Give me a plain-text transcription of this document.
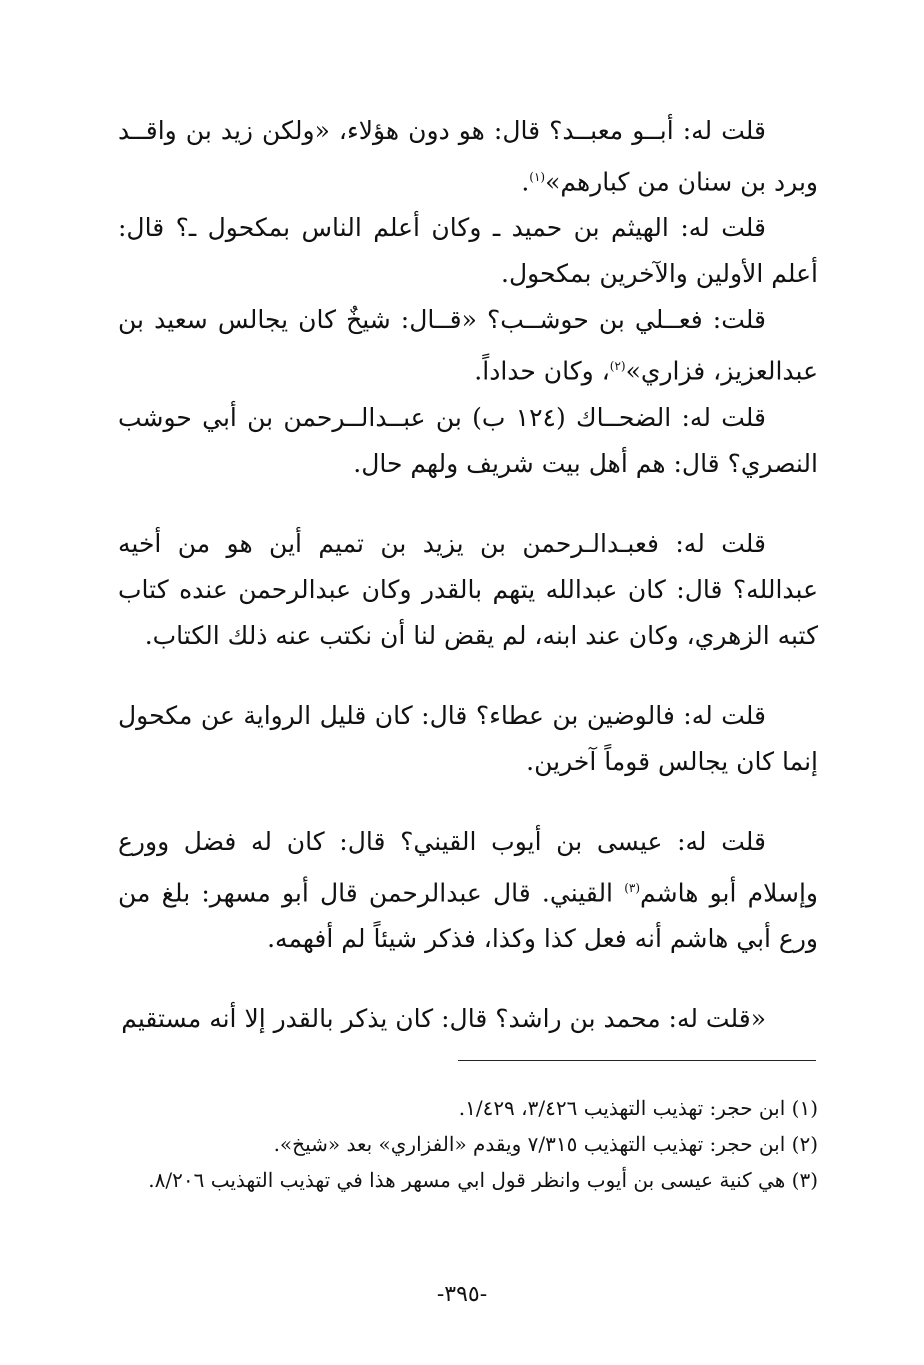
قلت له: أبــو معبــد؟ قال: هو دون هؤلاء، «ولكن زيد بن واقــد وبرد بن سنان من كبارهم»$^{(١)}$.

قلت له: الهيثم بن حميد ـ وكان أعلم الناس بمكحول ـ؟ قال: أعلم الأولين والآخرين بمكحول.

قلت: فعــلي بن حوشــب؟ «قــال: شيخٌ كان يجالس سعيد بن عبدالعزيز، فزاري»$^{(٢)}$، وكان حداداً.

قلت له: الضحــاك (١٢٤ ب) بن عبــدالــرحمن بن أبي حوشب النصري؟ قال: هم أهل بيت شريف ولهم حال.

قلت له: فعبـدالـرحمن بن يزيد بن تميم أين هو من أخيه عبدالله؟ قال: كان عبدالله يتهم بالقدر وكان عبدالرحمن عنده كتاب كتبه الزهري، وكان عند ابنه، لم يقض لنا أن نكتب عنه ذلك الكتاب.

قلت له: فالوضين بن عطاء؟ قال: كان قليل الرواية عن مكحول إنما كان يجالس قوماً آخرين.

قلت له: عيسى بن أيوب القيني؟ قال: كان له فضل وورع وإسلام أبو هاشم$^{(٣)}$ القيني. قال عبدالرحمن قال أبو مسهر: بلغ من ورع أبي هاشم أنه فعل كذا وكذا، فذكر شيئاً لم أفهمه.

«قلت له: محمد بن راشد؟ قال: كان يذكر بالقدر إلا أنه مستقيم

(١) ابن حجر: تهذيب التهذيب ٣/٤٢٦، ١/٤٢٩.

(٢) ابن حجر: تهذيب التهذيب ٧/٣١٥ ويقدم «الفزاري» بعد «شيخ».

(٣) هي كنية عيسى بن أيوب وانظر قول ابي مسهر هذا في تهذيب التهذيب ٨/٢٠٦.

-٣٩٥-
